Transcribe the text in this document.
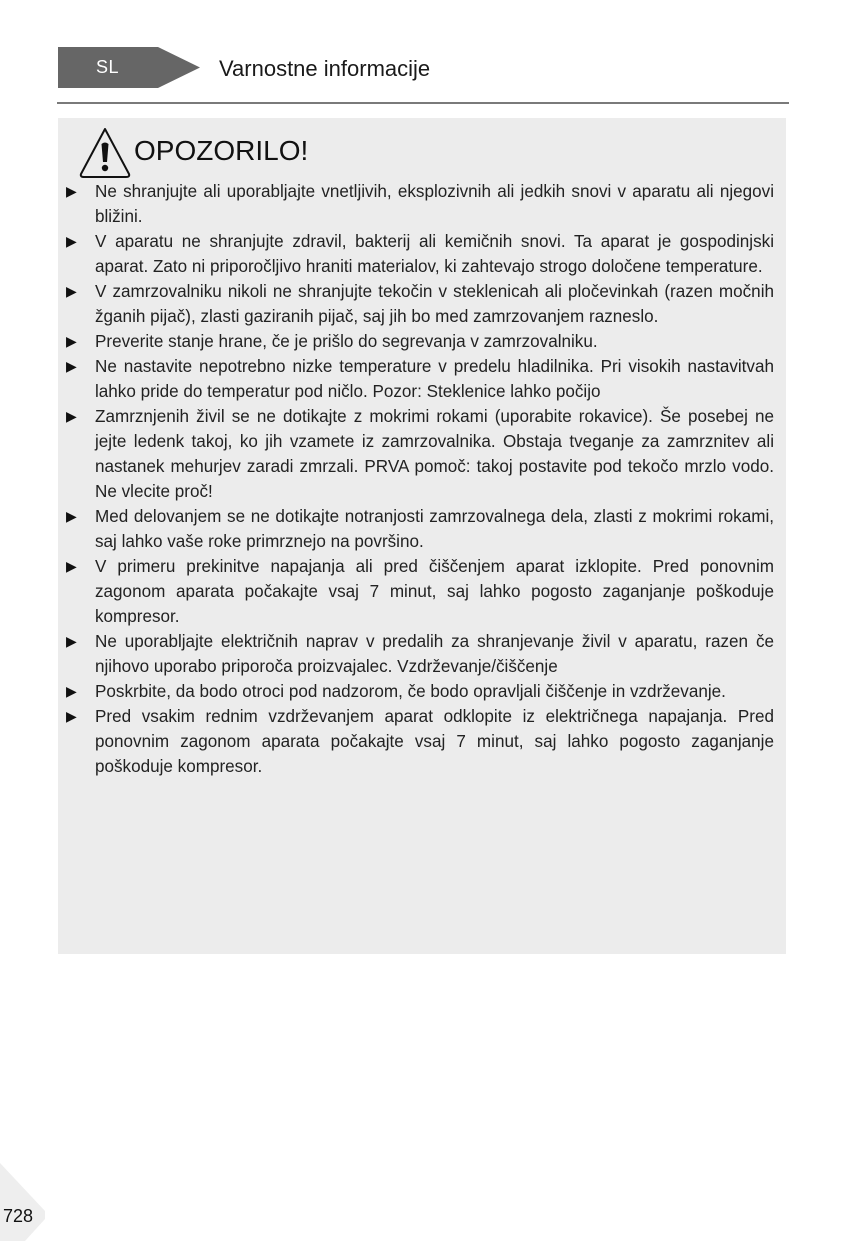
SL	Varnostne informacije
OPOZORILO!
▶ Ne shranjujte ali uporabljajte vnetljivih, eksplozivnih ali jedkih snovi v aparatu ali njegovi bližini.
▶ V aparatu ne shranjujte zdravil, bakterij ali kemičnih snovi. Ta aparat je gospodinjski aparat. Zato ni priporočljivo hraniti materialov, ki zahtevajo strogo določene temperature.
▶ V zamrzovalniku nikoli ne shranjujte tekočin v steklenicah ali pločevinkah (razen močnih žganih pijač), zlasti gaziranih pijač, saj jih bo med zamrzovanjem razneslo.
▶ Preverite stanje hrane, če je prišlo do segrevanja v zamrzovalniku.
▶ Ne nastavite nepotrebno nizke temperature v predelu hladilnika. Pri visokih nastavitvah lahko pride do temperatur pod ničlo. Pozor: Steklenice lahko počijo
▶ Zamrznjenih živil se ne dotikajte z mokrimi rokami (uporabite rokavice). Še posebej ne jejte ledenk takoj, ko jih vzamete iz zamrzovalnika. Obstaja tveganje za zamrznitev ali nastanek mehurjev zaradi zmrzali. PRVA pomoč: takoj postavite pod tekočo mrzlo vodo. Ne vlecite proč!
▶ Med delovanjem se ne dotikajte notranjosti zamrzovalnega dela, zlasti z mokrimi rokami, saj lahko vaše roke primrznejo na površino.
▶ V primeru prekinitve napajanja ali pred čiščenjem aparat izklopite. Pred ponovnim zagonom aparata počakajte vsaj 7 minut, saj lahko pogosto zaganjanje poškoduje kompresor.
▶ Ne uporabljajte električnih naprav v predalih za shranjevanje živil v aparatu, razen če njihovo uporabo priporoča proizvajalec. Vzdrževanje/čiščenje
▶ Poskrbite, da bodo otroci pod nadzorom, če bodo opravljali čiščenje in vzdrževanje.
▶ Pred vsakim rednim vzdrževanjem aparat odklopite iz električnega napajanja. Pred ponovnim zagonom aparata počakajte vsaj 7 minut, saj lahko pogosto zaganjanje poškoduje kompresor.
728
